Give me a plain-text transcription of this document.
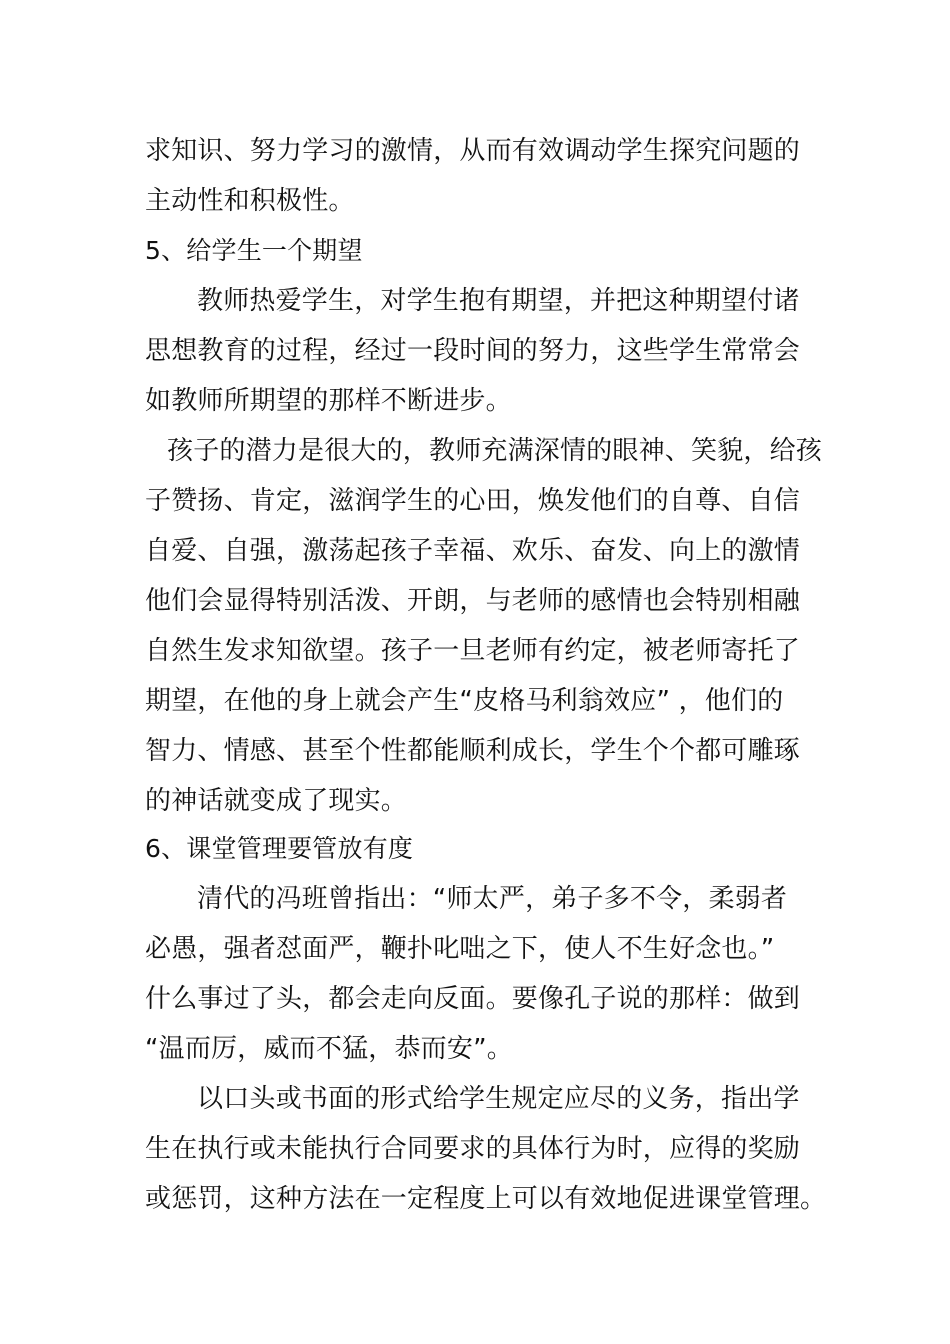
求知识、努力学习的激情，从而有效调动学生探究问题的
主动性和积极性。
5、给学生一个期望
教师热爱学生，对学生抱有期望，并把这种期望付诸
思想教育的过程，经过一段时间的努力，这些学生常常会
如教师所期望的那样不断进步。
孩子的潜力是很大的，教师充满深情的眼神、笑貌，给孩
子赞扬、肯定，滋润学生的心田，焕发他们的自尊、自信
自爱、自强，激荡起孩子幸福、欢乐、奋发、向上的激情
他们会显得特别活泼、开朗，与老师的感情也会特别相融
自然生发求知欲望。孩子一旦老师有约定，被老师寄托了
期望，在他的身上就会产生“皮格马利翁效应” ，他们的
智力、情感、甚至个性都能顺利成长，学生个个都可雕琢
的神话就变成了现实。
6、课堂管理要管放有度
清代的冯班曾指出：“师太严，弟子多不令，柔弱者
必愚，强者怼面严，鞭扑叱咄之下，使人不生好念也。”
什么事过了头，都会走向反面。要像孔子说的那样：做到
“温而厉，威而不猛，恭而安”。
以口头或书面的形式给学生规定应尽的义务，指出学
生在执行或未能执行合同要求的具体行为时，应得的奖励
或惩罚，这种方法在一定程度上可以有效地促进课堂管理。
